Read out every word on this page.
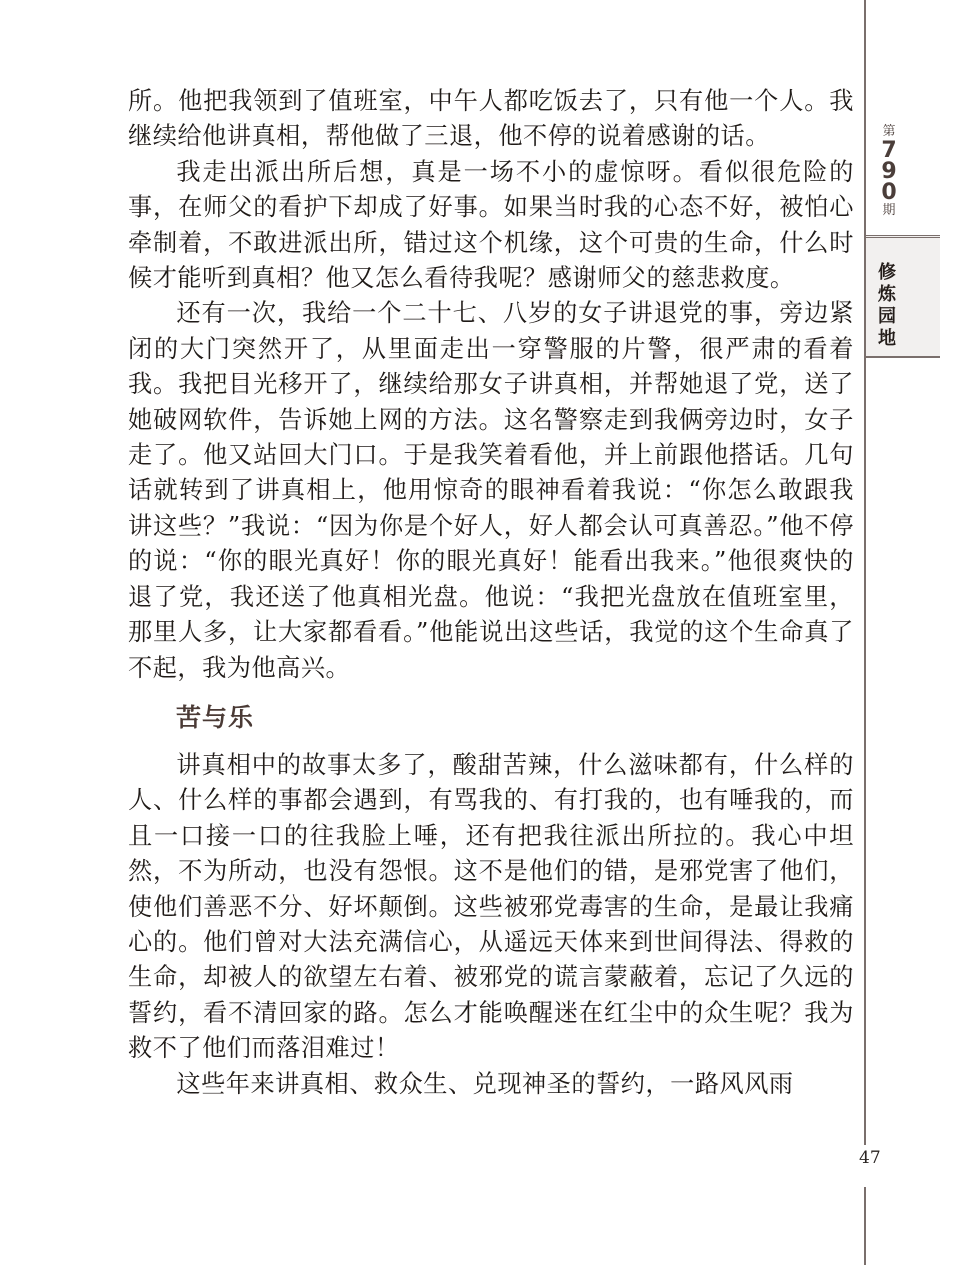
所。他把我领到了值班室，中午人都吃饭去了，只有他一个人。我继续给他讲真相，帮他做了三退，他不停的说着感谢的话。

我走出派出所后想，真是一场不小的虚惊呀。看似很危险的事，在师父的看护下却成了好事。如果当时我的心态不好，被怕心牵制着，不敢进派出所，错过这个机缘，这个可贵的生命，什么时候才能听到真相？他又怎么看待我呢？感谢师父的慈悲救度。

还有一次，我给一个二十七、八岁的女子讲退党的事，旁边紧闭的大门突然开了，从里面走出一穿警服的片警，很严肃的看着我。我把目光移开了，继续给那女子讲真相，并帮她退了党，送了她破网软件，告诉她上网的方法。这名警察走到我俩旁边时，女子走了。他又站回大门口。于是我笑着看他，并上前跟他搭话。几句话就转到了讲真相上，他用惊奇的眼神看着我说：“你怎么敢跟我讲这些？”我说：“因为你是个好人，好人都会认可真善忍。”他不停的说：“你的眼光真好！你的眼光真好！能看出我来。”他很爽快的退了党，我还送了他真相光盘。他说：“我把光盘放在值班室里，那里人多，让大家都看看。”他能说出这些话，我觉的这个生命真了不起，我为他高兴。

苦与乐

讲真相中的故事太多了，酸甜苦辣，什么滋味都有，什么样的人、什么样的事都会遇到，有骂我的、有打我的，也有唾我的，而且一口接一口的往我脸上唾，还有把我往派出所拉的。我心中坦然，不为所动，也没有怨恨。这不是他们的错，是邪党害了他们，使他们善恶不分、好坏颠倒。这些被邪党毒害的生命，是最让我痛心的。他们曾对大法充满信心，从遥远天体来到世间得法、得救的生命，却被人的欲望左右着、被邪党的谎言蒙蔽着，忘记了久远的誓约，看不清回家的路。怎么才能唤醒迷在红尘中的众生呢？我为救不了他们而落泪难过！

这些年来讲真相、救众生、兑现神圣的誓约，一路风风雨

第
790
期
修炼园地
47
